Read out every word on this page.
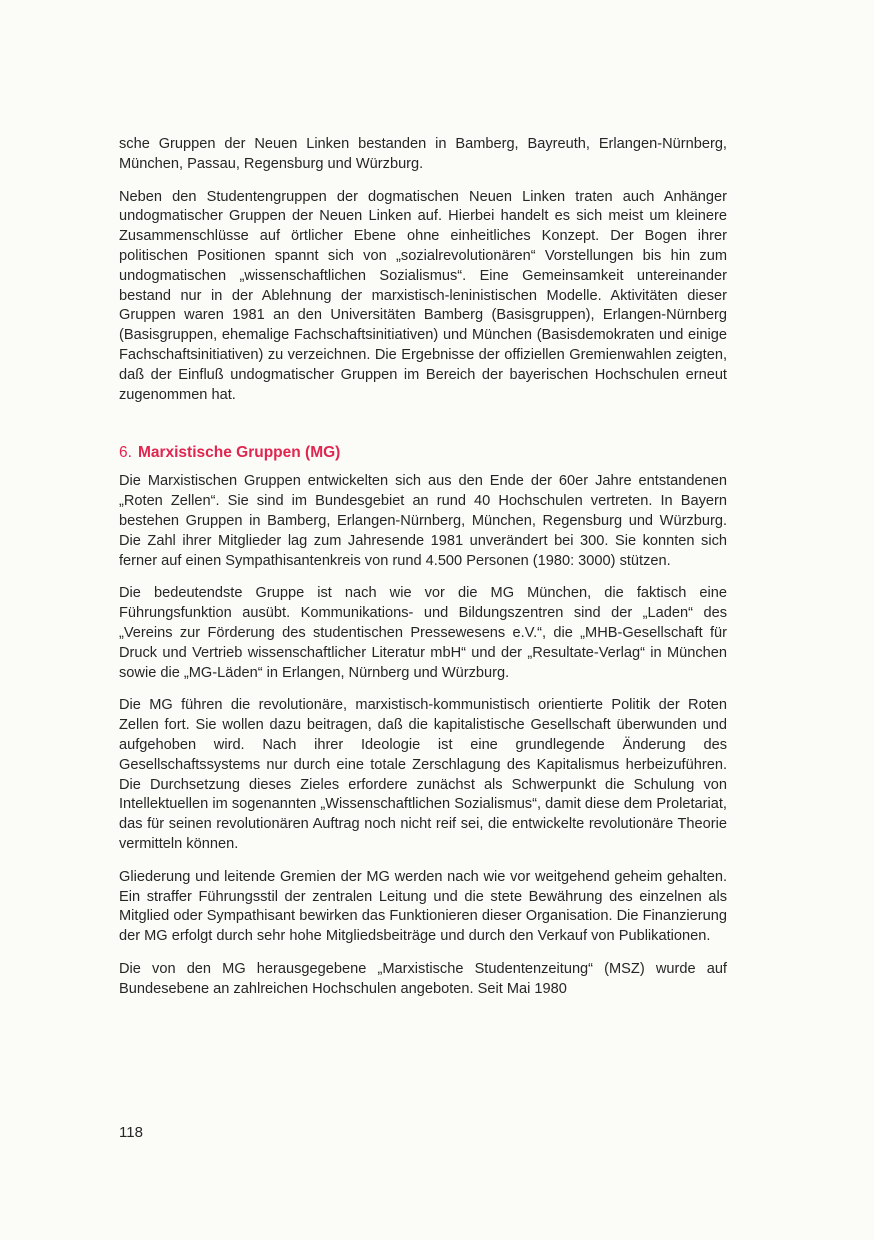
sche Gruppen der Neuen Linken bestanden in Bamberg, Bayreuth, Erlangen-Nürnberg, München, Passau, Regensburg und Würzburg.

Neben den Studentengruppen der dogmatischen Neuen Linken traten auch Anhänger undogmatischer Gruppen der Neuen Linken auf. Hierbei handelt es sich meist um kleinere Zusammenschlüsse auf örtlicher Ebene ohne einheitliches Konzept. Der Bogen ihrer politischen Positionen spannt sich von „sozialrevolutionären“ Vorstellungen bis hin zum undogmatischen „wissenschaftlichen Sozialismus“. Eine Gemeinsamkeit untereinander bestand nur in der Ablehnung der marxistisch-leninistischen Modelle. Aktivitäten dieser Gruppen waren 1981 an den Universitäten Bamberg (Basisgruppen), Erlangen-Nürnberg (Basisgruppen, ehemalige Fachschaftsinitiativen) und München (Basisdemokraten und einige Fachschaftsinitiativen) zu verzeichnen. Die Ergebnisse der offiziellen Gremienwahlen zeigten, daß der Einfluß undogmatischer Gruppen im Bereich der bayerischen Hochschulen erneut zugenommen hat.

6. Marxistische Gruppen (MG)

Die Marxistischen Gruppen entwickelten sich aus den Ende der 60er Jahre entstandenen „Roten Zellen“. Sie sind im Bundesgebiet an rund 40 Hochschulen vertreten. In Bayern bestehen Gruppen in Bamberg, Erlangen-Nürnberg, München, Regensburg und Würzburg. Die Zahl ihrer Mitglieder lag zum Jahresende 1981 unverändert bei 300. Sie konnten sich ferner auf einen Sympathisantenkreis von rund 4.500 Personen (1980: 3000) stützen.

Die bedeutendste Gruppe ist nach wie vor die MG München, die faktisch eine Führungsfunktion ausübt. Kommunikations- und Bildungszentren sind der „Laden“ des „Vereins zur Förderung des studentischen Pressewesens e.V.“, die „MHB-Gesellschaft für Druck und Vertrieb wissenschaftlicher Literatur mbH“ und der „Resultate-Verlag“ in München sowie die „MG-Läden“ in Erlangen, Nürnberg und Würzburg.

Die MG führen die revolutionäre, marxistisch-kommunistisch orientierte Politik der Roten Zellen fort. Sie wollen dazu beitragen, daß die kapitalistische Gesellschaft überwunden und aufgehoben wird. Nach ihrer Ideologie ist eine grundlegende Änderung des Gesellschaftssystems nur durch eine totale Zerschlagung des Kapitalismus herbeizuführen. Die Durchsetzung dieses Zieles erfordere zunächst als Schwerpunkt die Schulung von Intellektuellen im sogenannten „Wissenschaftlichen Sozialismus“, damit diese dem Proletariat, das für seinen revolutionären Auftrag noch nicht reif sei, die entwickelte revolutionäre Theorie vermitteln können.

Gliederung und leitende Gremien der MG werden nach wie vor weitgehend geheim gehalten. Ein straffer Führungsstil der zentralen Leitung und die stete Bewährung des einzelnen als Mitglied oder Sympathisant bewirken das Funktionieren dieser Organisation. Die Finanzierung der MG erfolgt durch sehr hohe Mitgliedsbeiträge und durch den Verkauf von Publikationen.

Die von den MG herausgegebene „Marxistische Studentenzeitung“ (MSZ) wurde auf Bundesebene an zahlreichen Hochschulen angeboten. Seit Mai 1980

118
